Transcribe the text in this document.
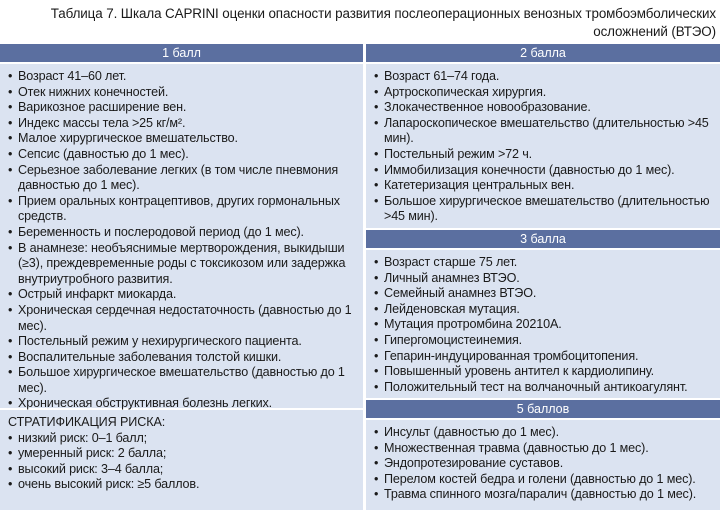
Таблица 7. Шкала CAPRINI оценки опасности развития послеоперационных венозных тромбоэмболических осложнений (ВТЭО)
1 балл
• Возраст 41–60 лет.
• Отек нижних конечностей.
• Варикозное расширение вен.
• Индекс массы тела >25 кг/м².
• Малое хирургическое вмешательство.
• Сепсис (давностью до 1 мес).
• Серьезное заболевание легких (в том числе пневмония давностью до 1 мес).
• Прием оральных контрацептивов, других гормональных средств.
• Беременность и послеродовой период (до 1 мес).
• В анамнезе: необъяснимые мертворождения, выкидыши (≥3), преждевременные роды с токсикозом или задержка внутриутробного развития.
• Острый инфаркт миокарда.
• Хроническая сердечная недостаточность (давностью до 1 мес).
• Постельный режим у нехирургического пациента.
• Воспалительные заболевания толстой кишки.
• Большое хирургическое вмешательство (давностью до 1 мес).
• Хроническая обструктивная болезнь легких.
СТРАТИФИКАЦИЯ РИСКА:
• низкий риск: 0–1 балл;
• умеренный риск: 2 балла;
• высокий риск: 3–4 балла;
• очень высокий риск: ≥5 баллов.
2 балла
• Возраст 61–74 года.
• Артроскопическая хирургия.
• Злокачественное новообразование.
• Лапароскопическое вмешательство (длительностью >45 мин).
• Постельный режим >72 ч.
• Иммобилизация конечности (давностью до 1 мес).
• Катетеризация центральных вен.
• Большое хирургическое вмешательство (длительностью >45 мин).
3 балла
• Возраст старше 75 лет.
• Личный анамнез ВТЭО.
• Семейный анамнез ВТЭО.
• Лейденовская мутация.
• Мутация протромбина 20210А.
• Гипергомоцистеинемия.
• Гепарин-индуцированная тромбоцитопения.
• Повышенный уровень антител к кардиолипину.
• Положительный тест на волчаночный антикоагулянт.
5 баллов
• Инсульт (давностью до 1 мес).
• Множественная травма (давностью до 1 мес).
• Эндопротезирование суставов.
• Перелом костей бедра и голени (давностью до 1 мес).
• Травма спинного мозга/паралич (давностью до 1 мес).
